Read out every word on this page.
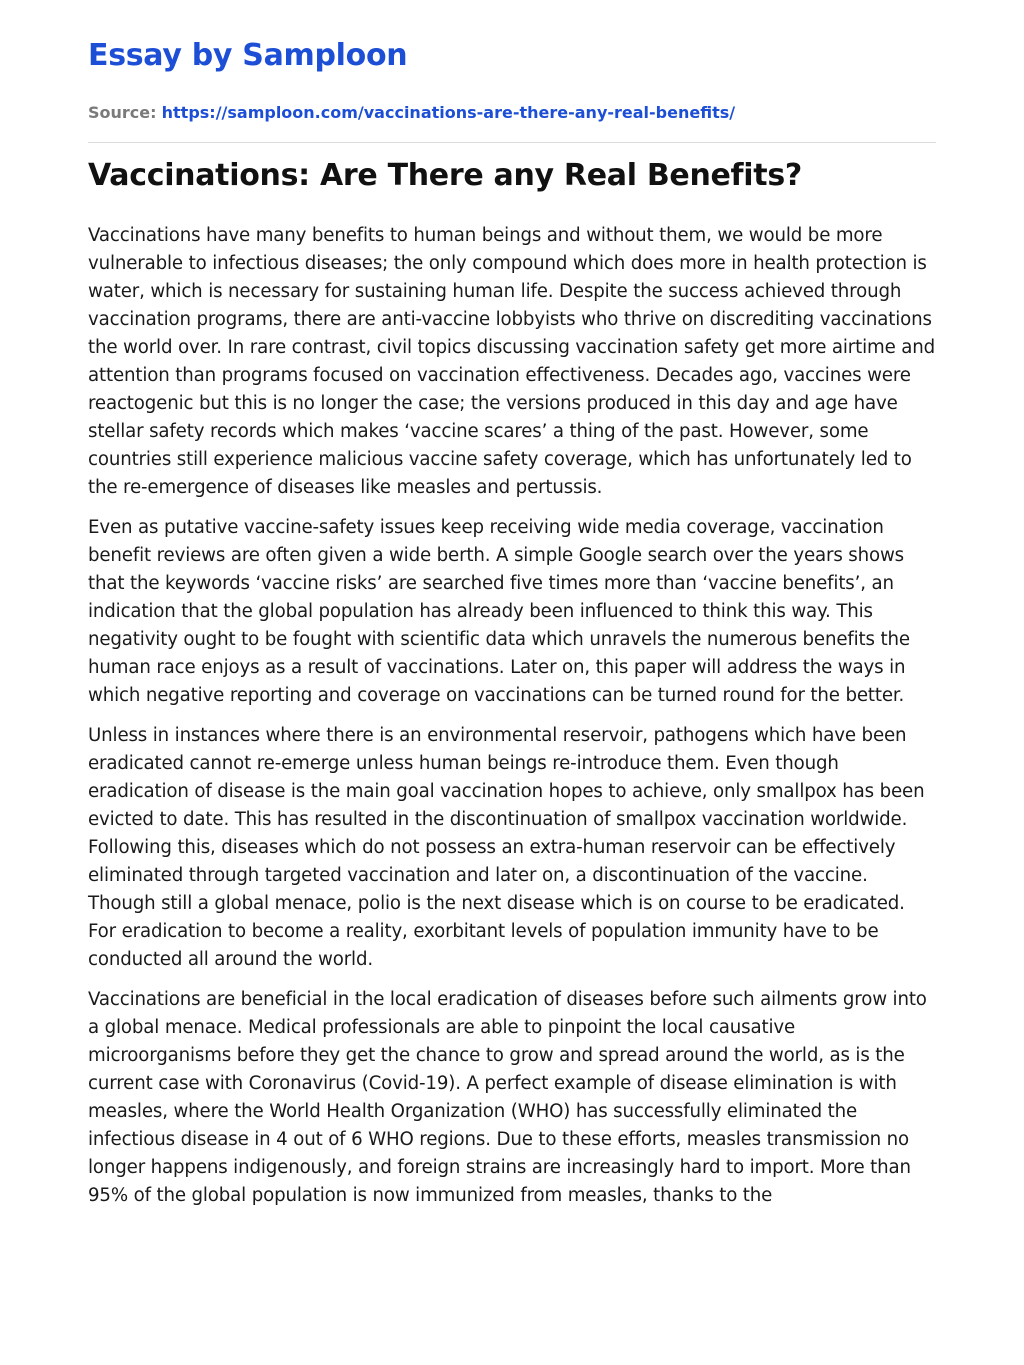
Essay by Samploon
Source: https://samploon.com/vaccinations-are-there-any-real-benefits/
Vaccinations: Are There any Real Benefits?

Vaccinations have many benefits to human beings and without them, we would be more vulnerable to infectious diseases; the only compound which does more in health protection is water, which is necessary for sustaining human life. Despite the success achieved through vaccination programs, there are anti-vaccine lobbyists who thrive on discrediting vaccinations the world over. In rare contrast, civil topics discussing vaccination safety get more airtime and attention than programs focused on vaccination effectiveness. Decades ago, vaccines were reactogenic but this is no longer the case; the versions produced in this day and age have stellar safety records which makes ‘vaccine scares’ a thing of the past. However, some countries still experience malicious vaccine safety coverage, which has unfortunately led to the re-emergence of diseases like measles and pertussis.

Even as putative vaccine-safety issues keep receiving wide media coverage, vaccination benefit reviews are often given a wide berth. A simple Google search over the years shows that the keywords ‘vaccine risks’ are searched five times more than ‘vaccine benefits’, an indication that the global population has already been influenced to think this way. This negativity ought to be fought with scientific data which unravels the numerous benefits the human race enjoys as a result of vaccinations. Later on, this paper will address the ways in which negative reporting and coverage on vaccinations can be turned round for the better.

Unless in instances where there is an environmental reservoir, pathogens which have been eradicated cannot re-emerge unless human beings re-introduce them. Even though eradication of disease is the main goal vaccination hopes to achieve, only smallpox has been evicted to date. This has resulted in the discontinuation of smallpox vaccination worldwide. Following this, diseases which do not possess an extra-human reservoir can be effectively eliminated through targeted vaccination and later on, a discontinuation of the vaccine. Though still a global menace, polio is the next disease which is on course to be eradicated. For eradication to become a reality, exorbitant levels of population immunity have to be conducted all around the world.

Vaccinations are beneficial in the local eradication of diseases before such ailments grow into a global menace. Medical professionals are able to pinpoint the local causative microorganisms before they get the chance to grow and spread around the world, as is the current case with Coronavirus (Covid-19). A perfect example of disease elimination is with measles, where the World Health Organization (WHO) has successfully eliminated the infectious disease in 4 out of 6 WHO regions. Due to these efforts, measles transmission no longer happens indigenously, and foreign strains are increasingly hard to import. More than 95% of the global population is now immunized from measles, thanks to the
